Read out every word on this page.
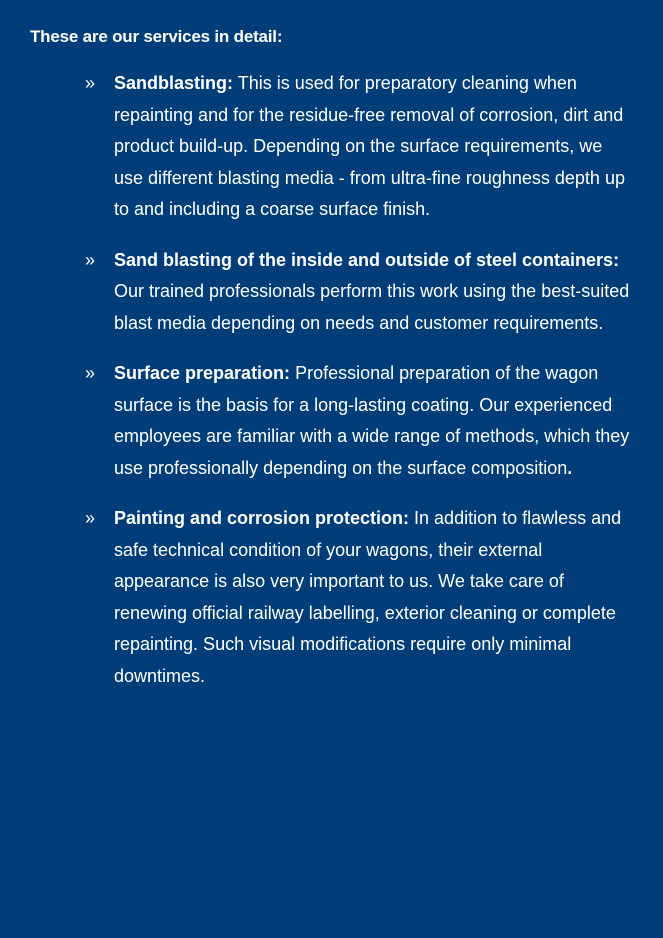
These are our services in detail:
»	Sandblasting: This is used for preparatory cleaning when repainting and for the residue-free removal of corrosion, dirt and product build-up. Depending on the surface requirements, we use different blasting media - from ultra-fine roughness depth up to and including a coarse surface finish.

»	Sand blasting of the inside and outside of steel containers: Our trained professionals perform this work using the best-suited blast media depending on needs and customer requirements.

»	Surface preparation: Professional preparation of the wagon surface is the basis for a long-lasting coating. Our experienced employees are familiar with a wide range of methods, which they use professionally depending on the surface composition.

»	Painting and corrosion protection: In addition to flawless and safe technical condition of your wagons, their external appearance is also very important to us. We take care of renewing official railway labelling, exterior cleaning or complete repainting. Such visual modifications require only minimal downtimes.
